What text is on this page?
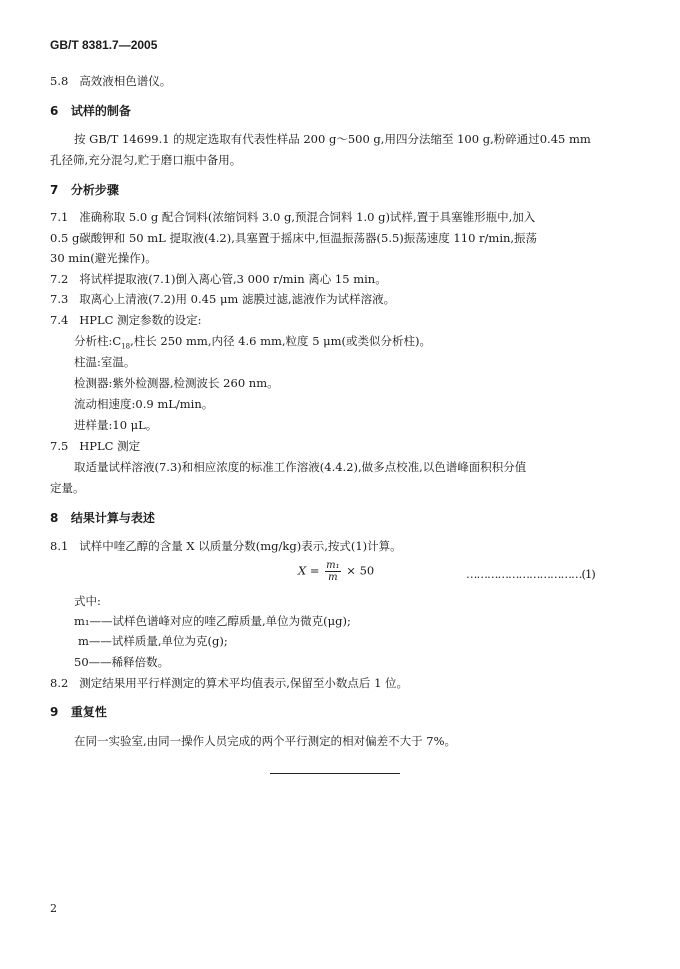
GB/T 8381.7—2005
5.8 高效液相色谱仪。
6 试样的制备
按 GB/T 14699.1 的规定选取有代表性样品 200 g～500 g,用四分法缩至 100 g,粉碎通过0.45 mm
孔径筛,充分混匀,贮于磨口瓶中备用。
7 分析步骤
7.1 准确称取 5.0 g 配合饲料(浓缩饲料 3.0 g,预混合饲料 1.0 g)试样,置于具塞锥形瓶中,加入
0.5 g碳酸钾和 50 mL 提取液(4.2),具塞置于摇床中,恒温振荡器(5.5)振荡速度 110 r/min,振荡
30 min(避光操作)。
7.2 将试样提取液(7.1)倒入离心管,3 000 r/min 离心 15 min。
7.3 取离心上清液(7.2)用 0.45 μm 滤膜过滤,滤液作为试样溶液。
7.4 HPLC 测定参数的设定:
分析柱$:C_{18}$,柱长 250 mm,内径 4.6 mm,粒度 5 μm(或类似分析柱)。
柱温:室温。
检测器:紫外检测器,检测波长 260 nm。
流动相速度:0.9 mL/min。
进样量:10 μL。
7.5 HPLC 测定
取适量试样溶液(7.3)和相应浓度的标准工作溶液(4.4.2),做多点校准,以色谱峰面积积分值
定量。
8 结果计算与表述
8.1 试样中喹乙醇的含量 X 以质量分数(mg/kg)表示,按式(1)计算。
$X = \frac{\text{m₁}}{m} \times 50$	……………………………(1)
式中:
m₁——试样色谱峰对应的喹乙醇质量,单位为微克(μg);
m——试样质量,单位为克(g);
50——稀释倍数。
8.2 测定结果用平行样测定的算术平均值表示,保留至小数点后 1 位。
9 重复性
在同一实验室,由同一操作人员完成的两个平行测定的相对偏差不大于 7%。
2
